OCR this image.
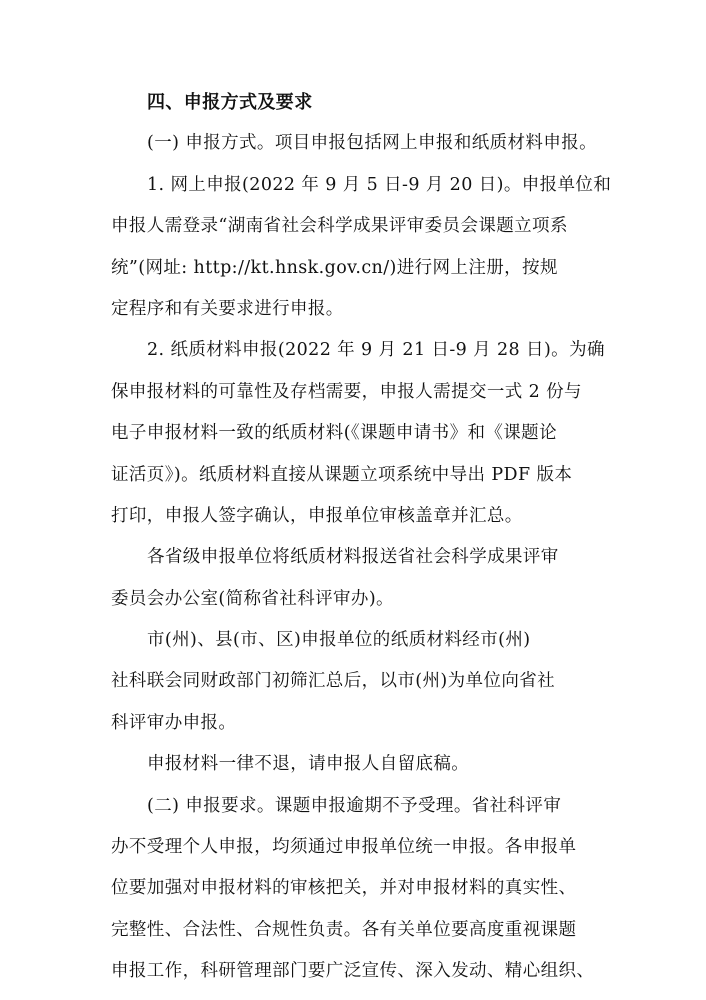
四、申报方式及要求
(一) 申报方式。项目申报包括网上申报和纸质材料申报。
1. 网上申报(2022 年 9 月 5 日-9 月 20 日)。申报单位和
申报人需登录“湖南省社会科学成果评审委员会课题立项系
统”(网址: http://kt.hnsk.gov.cn/)进行网上注册，按规
定程序和有关要求进行申报。
2. 纸质材料申报(2022 年 9 月 21 日-9 月 28 日)。为确
保申报材料的可靠性及存档需要，申报人需提交一式 2 份与
电子申报材料一致的纸质材料(《课题申请书》和《课题论
证活页》)。纸质材料直接从课题立项系统中导出 PDF 版本
打印，申报人签字确认，申报单位审核盖章并汇总。
各省级申报单位将纸质材料报送省社会科学成果评审
委员会办公室(简称省社科评审办)。
市(州)、县(市、区)申报单位的纸质材料经市(州)
社科联会同财政部门初筛汇总后，以市(州)为单位向省社
科评审办申报。
申报材料一律不退，请申报人自留底稿。
(二) 申报要求。课题申报逾期不予受理。省社科评审
办不受理个人申报，均须通过申报单位统一申报。各申报单
位要加强对申报材料的审核把关，并对申报材料的真实性、
完整性、合法性、合规性负责。各有关单位要高度重视课题
申报工作，科研管理部门要广泛宣传、深入发动、精心组织、
